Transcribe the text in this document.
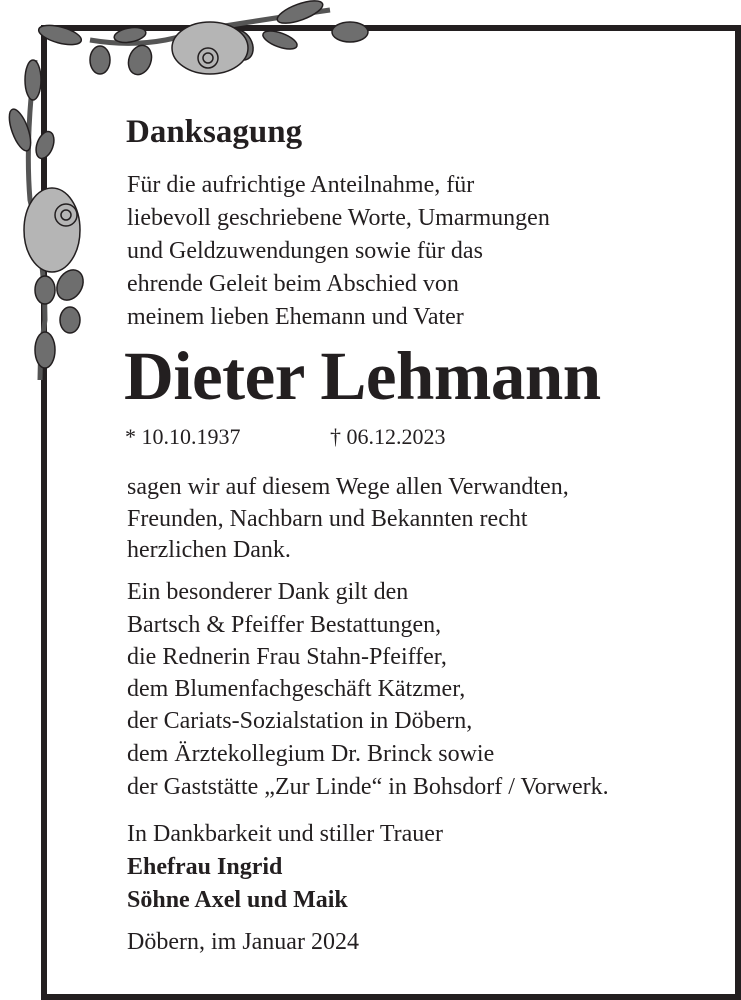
Danksagung
Für die aufrichtige Anteilnahme, für
liebevoll geschriebene Worte, Umarmungen
und Geldzuwendungen sowie für das
ehrende Geleit beim Abschied von
meinem lieben Ehemann und Vater
Dieter Lehmann
* 10.10.1937	† 06.12.2023
sagen wir auf diesem Wege allen Verwandten,
Freunden, Nachbarn und Bekannten recht
herzlichen Dank.
Ein besonderer Dank gilt den
Bartsch & Pfeiffer Bestattungen,
die Rednerin Frau Stahn-Pfeiffer,
dem Blumenfachgeschäft Kätzmer,
der Cariats-Sozialstation in Döbern,
dem Ärztekollegium Dr. Brinck sowie
der Gaststätte „Zur Linde“ in Bohsdorf / Vorwerk.
In Dankbarkeit und stiller Trauer
Ehefrau Ingrid
Söhne Axel und Maik
Döbern, im Januar 2024
